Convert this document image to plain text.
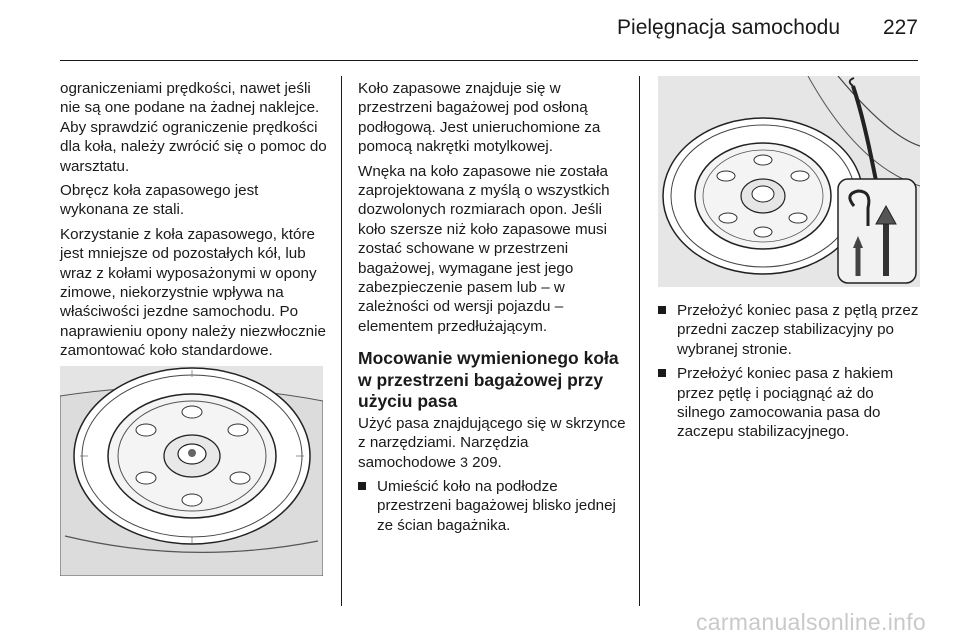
Pielęgnacja samochodu 227

ograniczeniami prędkości, nawet jeśli nie są one podane na żadnej naklejce. Aby sprawdzić ograniczenie prędkości dla koła, należy zwrócić się o pomoc do warsztatu.

Obręcz koła zapasowego jest wykonana ze stali.

Korzystanie z koła zapasowego, które jest mniejsze od pozostałych kół, lub wraz z kołami wyposażonymi w opony zimowe, niekorzystnie wpływa na właściwości jezdne samochodu. Po naprawieniu opony należy niezwłocznie zamontować koło standardowe.

Koło zapasowe znajduje się w przestrzeni bagażowej pod osłoną podłogową. Jest unieruchomione za pomocą nakrętki motylkowej.

Wnęka na koło zapasowe nie została zaprojektowana z myślą o wszystkich dozwolonych rozmiarach opon. Jeśli koło szersze niż koło zapasowe musi zostać schowane w przestrzeni bagażowej, wymagane jest jego zabezpieczenie pasem lub – w zależności od wersji pojazdu – elementem przedłużającym.

Mocowanie wymienionego koła w przestrzeni bagażowej przy użyciu pasa

Użyć pasa znajdującego się w skrzynce z narzędziami. Narzędzia samochodowe 3 209.

Umieścić koło na podłodze przestrzeni bagażowej blisko jednej ze ścian bagażnika.
Przełożyć koniec pasa z pętlą przez przedni zaczep stabilizacyjny po wybranej stronie.
Przełożyć koniec pasa z hakiem przez pętlę i pociągnąć aż do silnego zamocowania pasa do zaczepu stabilizacyjnego.
carmanualsonline.info
